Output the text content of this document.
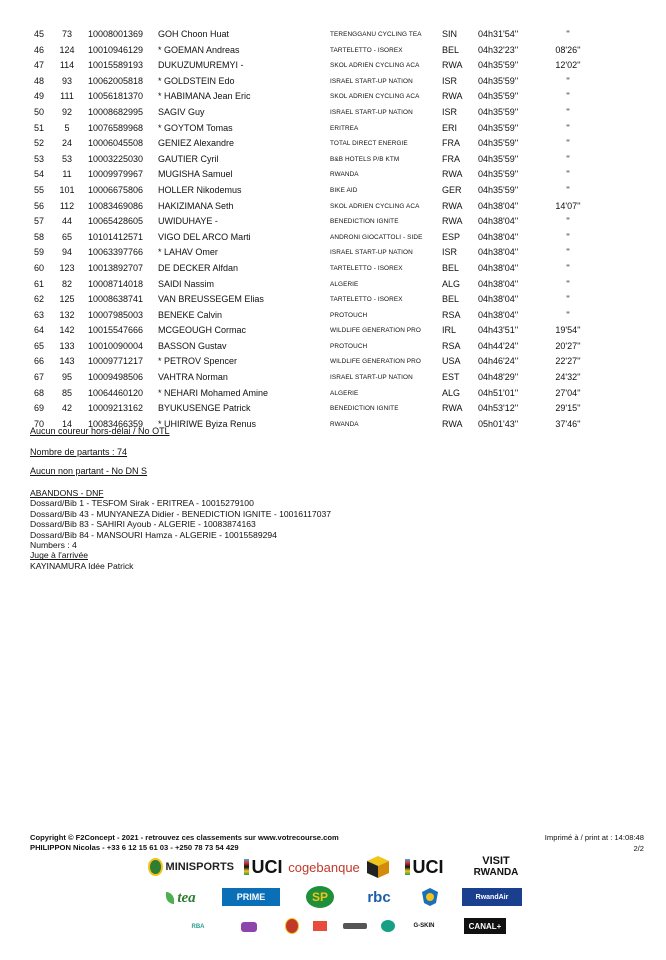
45	73	10008001369 GOH Choon Huat	TERENGGANU CYCLING TEA SIN 04h31'54''	''
46	124	10010946129 * GOEMAN Andreas	TARTELETTO - ISOREX	BEL 04h32'23''	08'26''
47	114	10015589193 DUKUZUMUREMYI -	SKOL ADRIEN CYCLING ACA	RWA 04h35'59''	12'02''
48	93	10062005818 * GOLDSTEIN Edo	ISRAEL START-UP NATION	ISR 04h35'59''	''
49	111	10056181370 * HABIMANA Jean Eric	SKOL ADRIEN CYCLING ACA	RWA 04h35'59''	''
50	92	10008682995 SAGIV Guy	ISRAEL START-UP NATION	ISR 04h35'59''	''
51	5	10076589968 * GOYTOM Tomas	ERITREA	ERI 04h35'59''	''
52	24	10006045508 GENIEZ Alexandre	TOTAL DIRECT ENERGIE	FRA 04h35'59''	''
53	53	10003225030 GAUTIER Cyril	B&B HOTELS P/B KTM	FRA 04h35'59''	''
54	11	10009979967 MUGISHA Samuel	RWANDA	RWA 04h35'59''	''
55	101	10006675806 HOLLER Nikodemus	BIKE AID	GER 04h35'59''	''
56	112	10083469086 HAKIZIMANA Seth	SKOL ADRIEN CYCLING ACA	RWA 04h38'04''	14'07''
57	44	10065428605 UWIDUHAYE -	BENEDICTION IGNITE	RWA 04h38'04''	''
58	65	10101412571 VIGO DEL ARCO Marti	ANDRONI GIOCATTOLI - SIDE ESP 04h38'04''	''
59	94	10063397766 * LAHAV Omer	ISRAEL START-UP NATION	ISR 04h38'04''	''
60	123	10013892707 DE DECKER Alfdan	TARTELETTO - ISOREX	BEL 04h38'04''	''
61	82	10008714018 SAIDI Nassim	ALGERIE	ALG 04h38'04''	''
62	125	10008638741 VAN BREUSSEGEM Elias	TARTELETTO - ISOREX	BEL 04h38'04''	''
63	132	10007985003 BENEKE Calvin	PROTOUCH	RSA 04h38'04''	''
64	142	10015547666 MCGEOUGH Cormac	WILDLIFE GENERATION PRO IRL 04h43'51''	19'54''
65	133	10010090004 BASSON Gustav	PROTOUCH	RSA 04h44'24''	20'27''
66	143	10009771217 * PETROV Spencer	WILDLIFE GENERATION PRO USA 04h46'24''	22'27''
67	95	10009498506 VAHTRA Norman	ISRAEL START-UP NATION	EST 04h48'29''	24'32''
68	85	10064460120 * NEHARI Mohamed Amine	ALGERIE	ALG 04h51'01''	27'04''
69	42	10009213162 BYUKUSENGE Patrick	BENEDICTION IGNITE	RWA 04h53'12''	29'15''
70	14	10083466359 * UHIRIWE Byiza Renus	RWANDA	RWA 05h01'43''	37'46''
Aucun coureur hors-délai / No OTL
Nombre de partants : 74
Aucun non partant - No DN S
ABANDONS - DNF
Dossard/Bib 1 - TESFOM Sirak - ERITREA - 10015279100
Dossard/Bib 43 - MUNYANEZA Didier - BENEDICTION IGNITE - 10016117037
Dossard/Bib 83 - SAHIRI Ayoub - ALGERIE - 10083874163
Dossard/Bib 84 - MANSOURI Hamza - ALGERIE - 10015589294
Numbers : 4
Juge à l'arrivée
KAYINAMURA Idée Patrick
Copyright © F2Concept - 2021 - retrouvez ces classements sur www.votrecourse.com
PHILIPPON Nicolas - +33 6 12 15 61 03 - +250 78 73 54 429
Imprimé à / print at : 14:08:48
2/2
MINISPORTS UCI cogebanque	UCI	VISIT
RWANDA
tea	PRIME	SP	rbc	RwandAir
RBA	G-SKIN	CANAL+
